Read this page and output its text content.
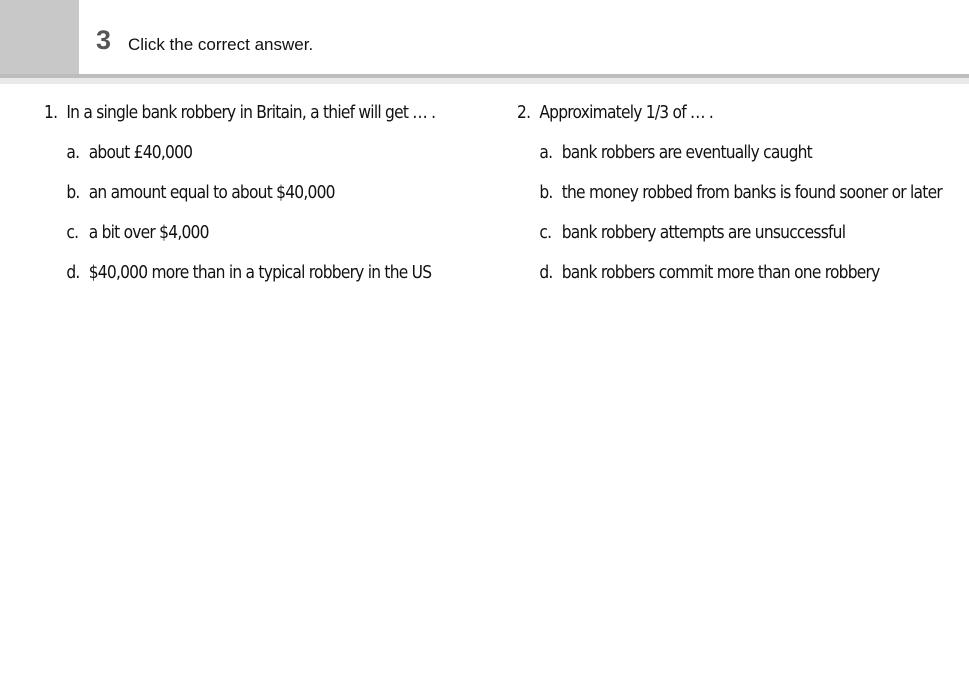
3 Click the correct answer.
1. In a single bank robbery in Britain, a thief will get … .
a. about £40,000
b. an amount equal to about $40,000
c. a bit over $4,000
d. $40,000 more than in a typical robbery in the US
2. Approximately 1/3 of … .
a. bank robbers are eventually caught
b. the money robbed from banks is found sooner or later
c. bank robbery attempts are unsuccessful
d. bank robbers commit more than one robbery
